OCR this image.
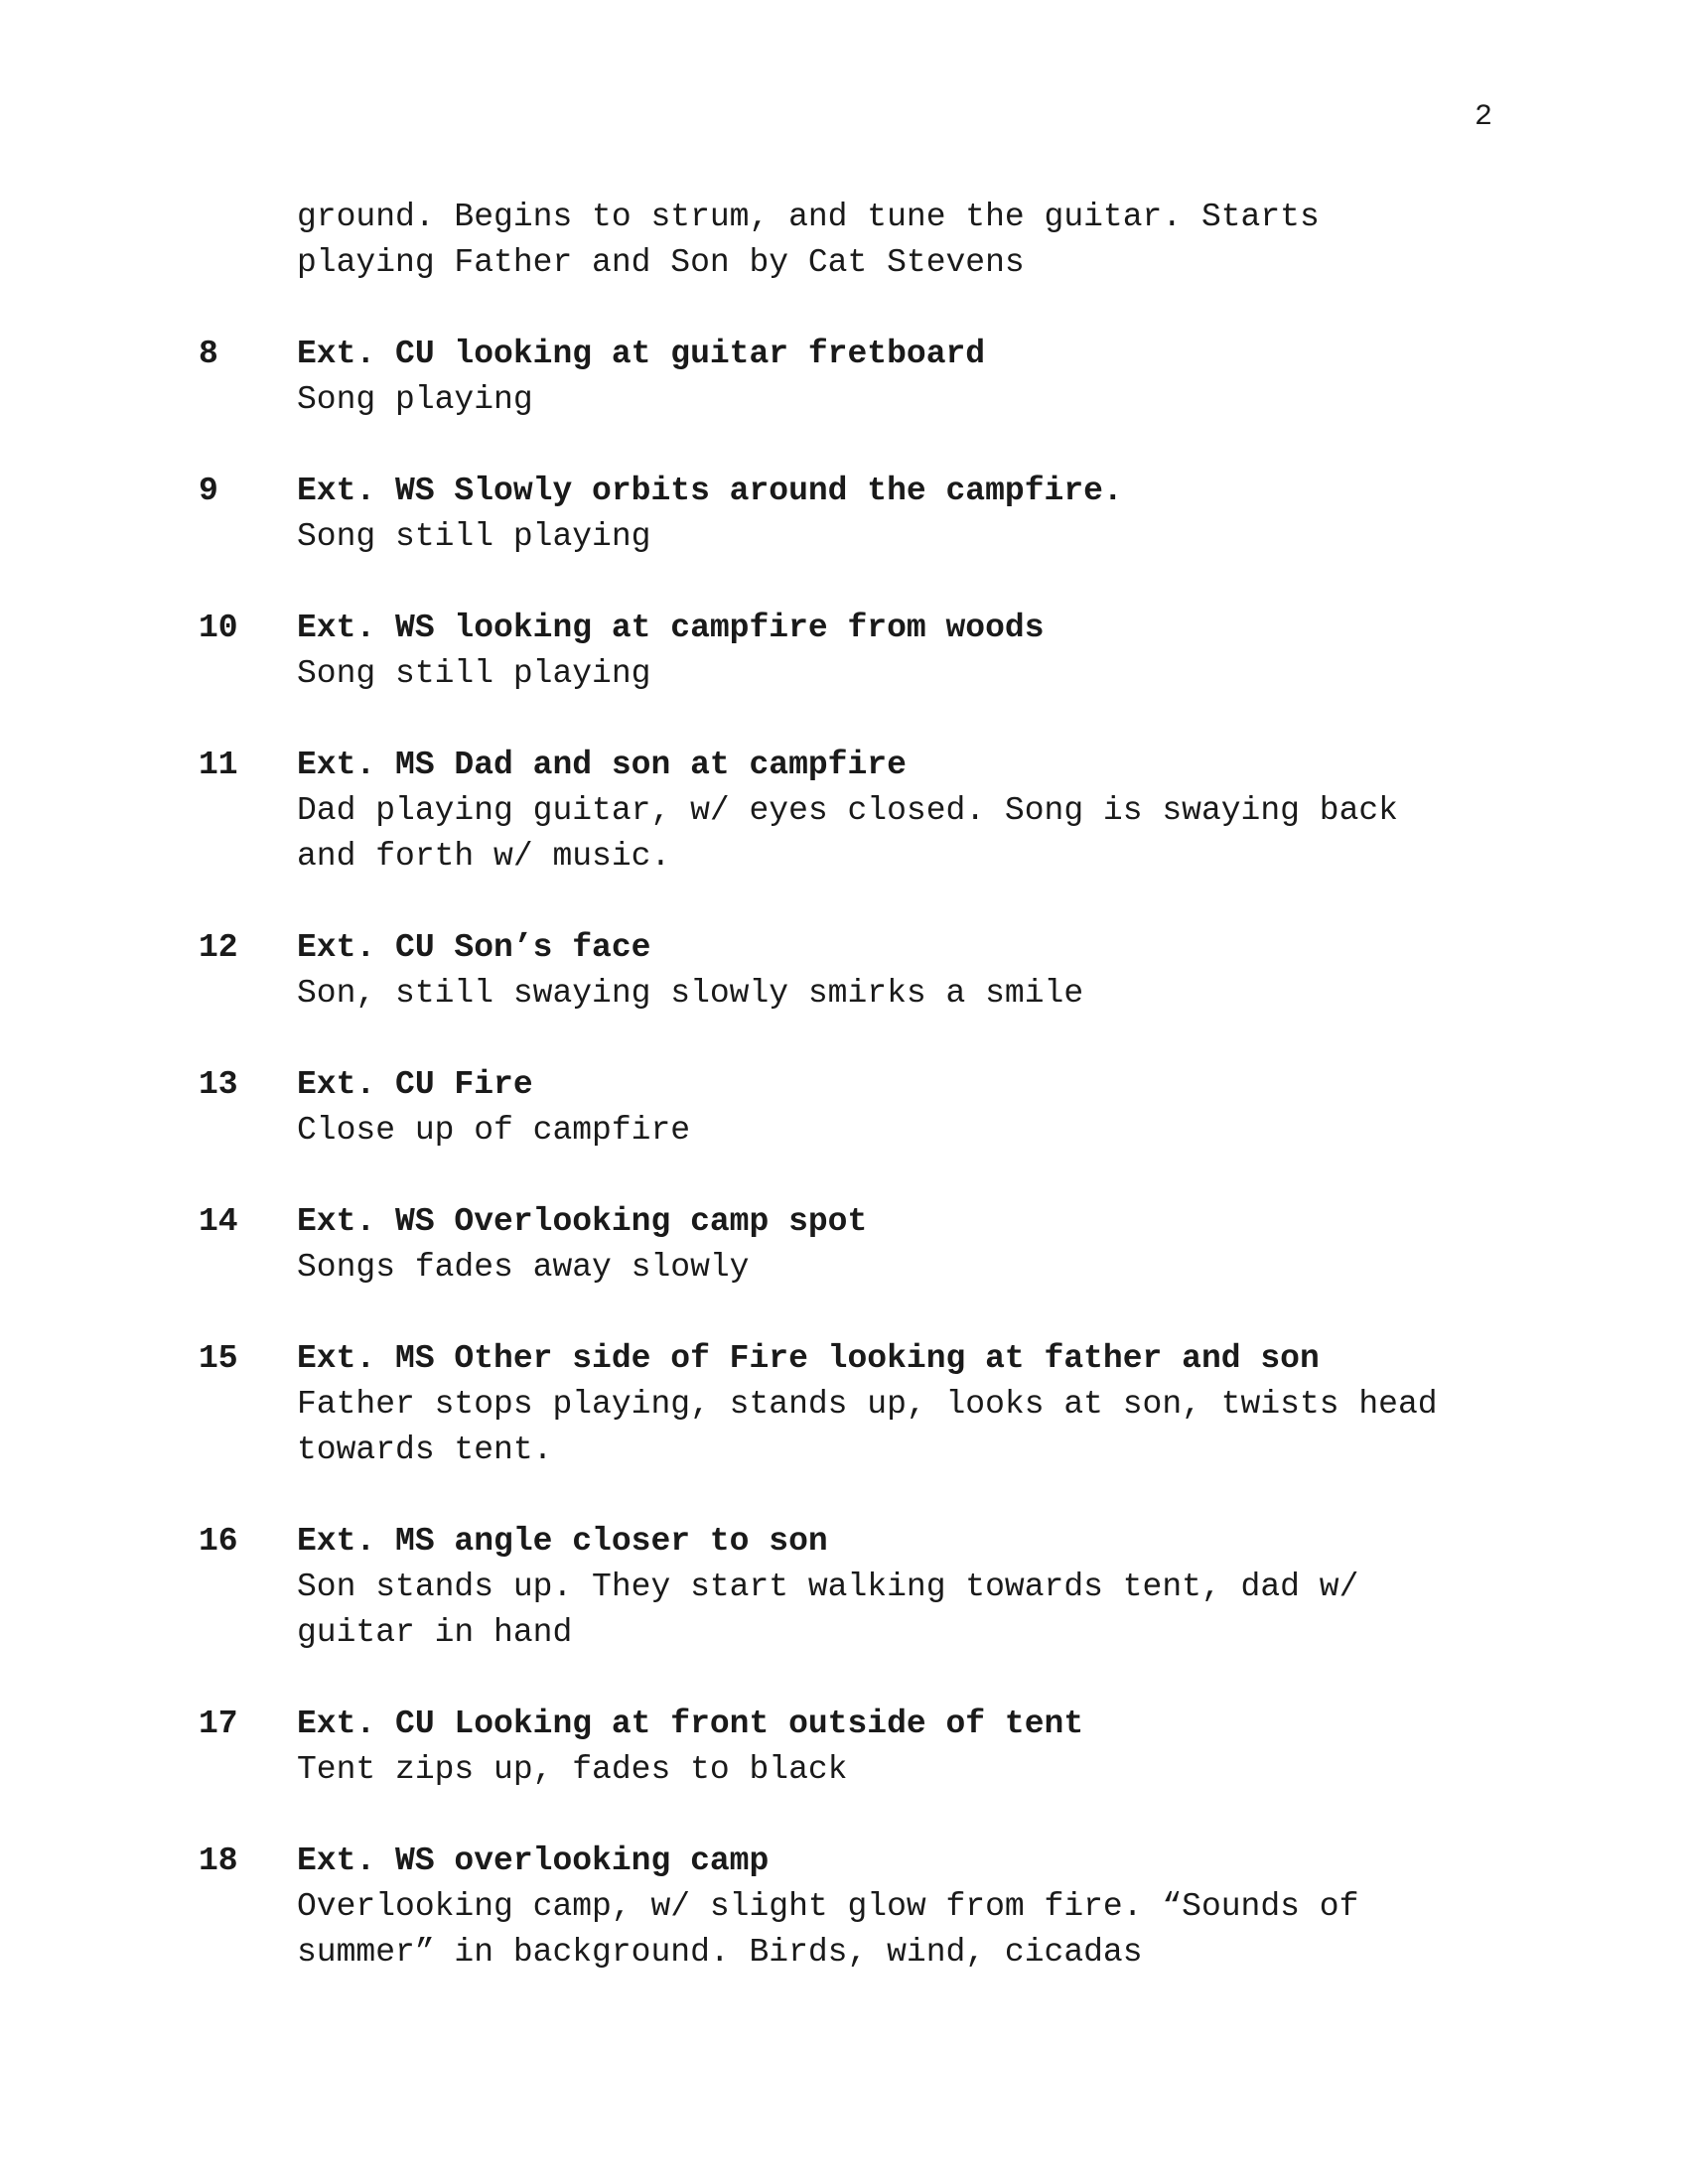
2
ground. Begins to strum, and tune the guitar. Starts
playing Father and Son by Cat Stevens
8	Ext. CU looking at guitar fretboard
Song playing
9	Ext. WS Slowly orbits around the campfire.
Song still playing
10	Ext. WS looking at campfire from woods
Song still playing
11	Ext. MS Dad and son at campfire
Dad playing guitar, w/ eyes closed. Song is swaying back
and forth w/ music.
12	Ext. CU Son’s face
Son, still swaying slowly smirks a smile
13	Ext. CU Fire
Close up of campfire
14	Ext. WS Overlooking camp spot
Songs fades away slowly
15	Ext. MS Other side of Fire looking at father and son
Father stops playing, stands up, looks at son, twists head
towards tent.
16	Ext. MS angle closer to son
Son stands up. They start walking towards tent, dad w/
guitar in hand
17	Ext. CU Looking at front outside of tent
Tent zips up, fades to black
18	Ext. WS overlooking camp
Overlooking camp, w/ slight glow from fire. “Sounds of
summer” in background. Birds, wind, cicadas
